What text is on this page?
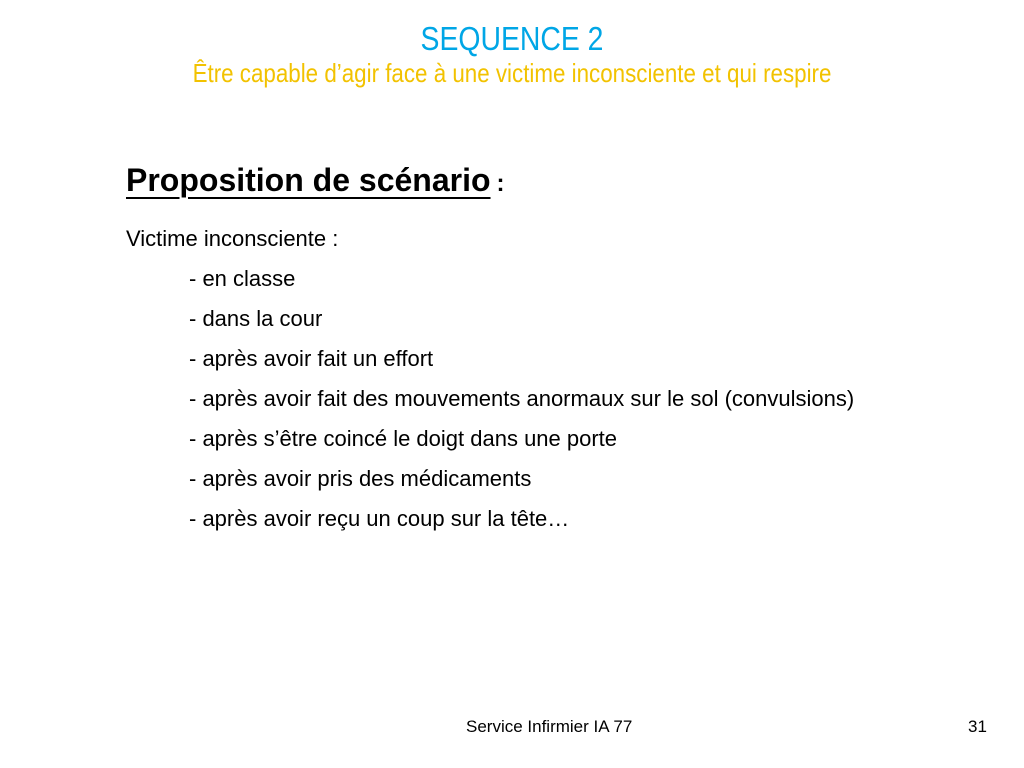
SEQUENCE 2
Être capable d’agir face à une victime inconsciente et qui respire
Proposition de scénario :
Victime inconsciente :
- en classe
- dans la cour
- après avoir fait un effort
- après avoir fait des mouvements anormaux sur le sol (convulsions)
- après s’être coincé le doigt dans une porte
- après avoir pris des médicaments
- après avoir reçu un coup sur la tête…
Service Infirmier IA 77	31
